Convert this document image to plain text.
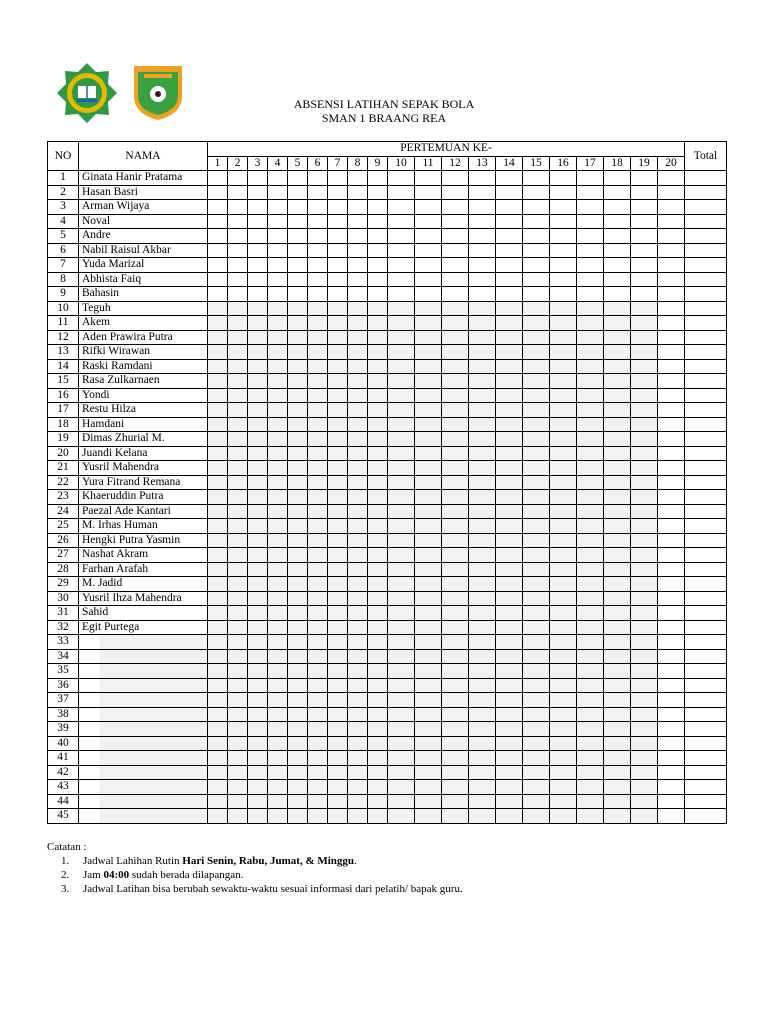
ABSENSI LATIHAN SEPAK BOLA
SMAN 1 BRAANG REA
NO	NAMA	PERTEMUAN KE-																				Total
		1	2	3	4	5	6	7	8	9	10	11	12	13	14	15	16	17	18	19	20	
1	Ginata Hanir Pratama																					
2	Hasan Basri																					
3	Arman Wijaya																					
4	Noval																					
5	Andre																					
6	Nabil Raisul Akbar																					
7	Yuda Marizal																					
8	Abhista Faiq																					
9	Bahasin																					
10	Teguh																					
11	Akem																					
12	Aden Prawira Putra																					
13	Rifki Wirawan																					
14	Raski Ramdani																					
15	Rasa Zulkarnaen																					
16	Yondi																					
17	Restu Hilza																					
18	Hamdani																					
19	Dimas Zhurial M.																					
20	Juandi Kelana																					
21	Yusril Mahendra																					
22	Yura Fitrand Remana																					
23	Khaeruddin Putra																					
24	Paezal Ade Kantari																					
25	M. Irhas Human																					
26	Hengki Putra Yasmin																					
27	Nashat Akram																					
28	Farhan Arafah																					
29	M. Jadid																					
30	Yusril Ihza Mahendra																					
31	Sahid																					
32	Egit Purtega																					
33																						
34																						
35																						
36																						
37																						
38																						
39																						
40																						
41																						
42																						
43																						
44																						
45																						
Catatan :
1. Jadwal Lahihan Rutin Hari Senin, Rabu, Jumat, & Minggu.
2. Jam 04:00 sudah berada dilapangan.
3. Jadwal Latihan bisa berubah sewaktu-waktu sesuai informasi dari pelatih/ bapak guru.
